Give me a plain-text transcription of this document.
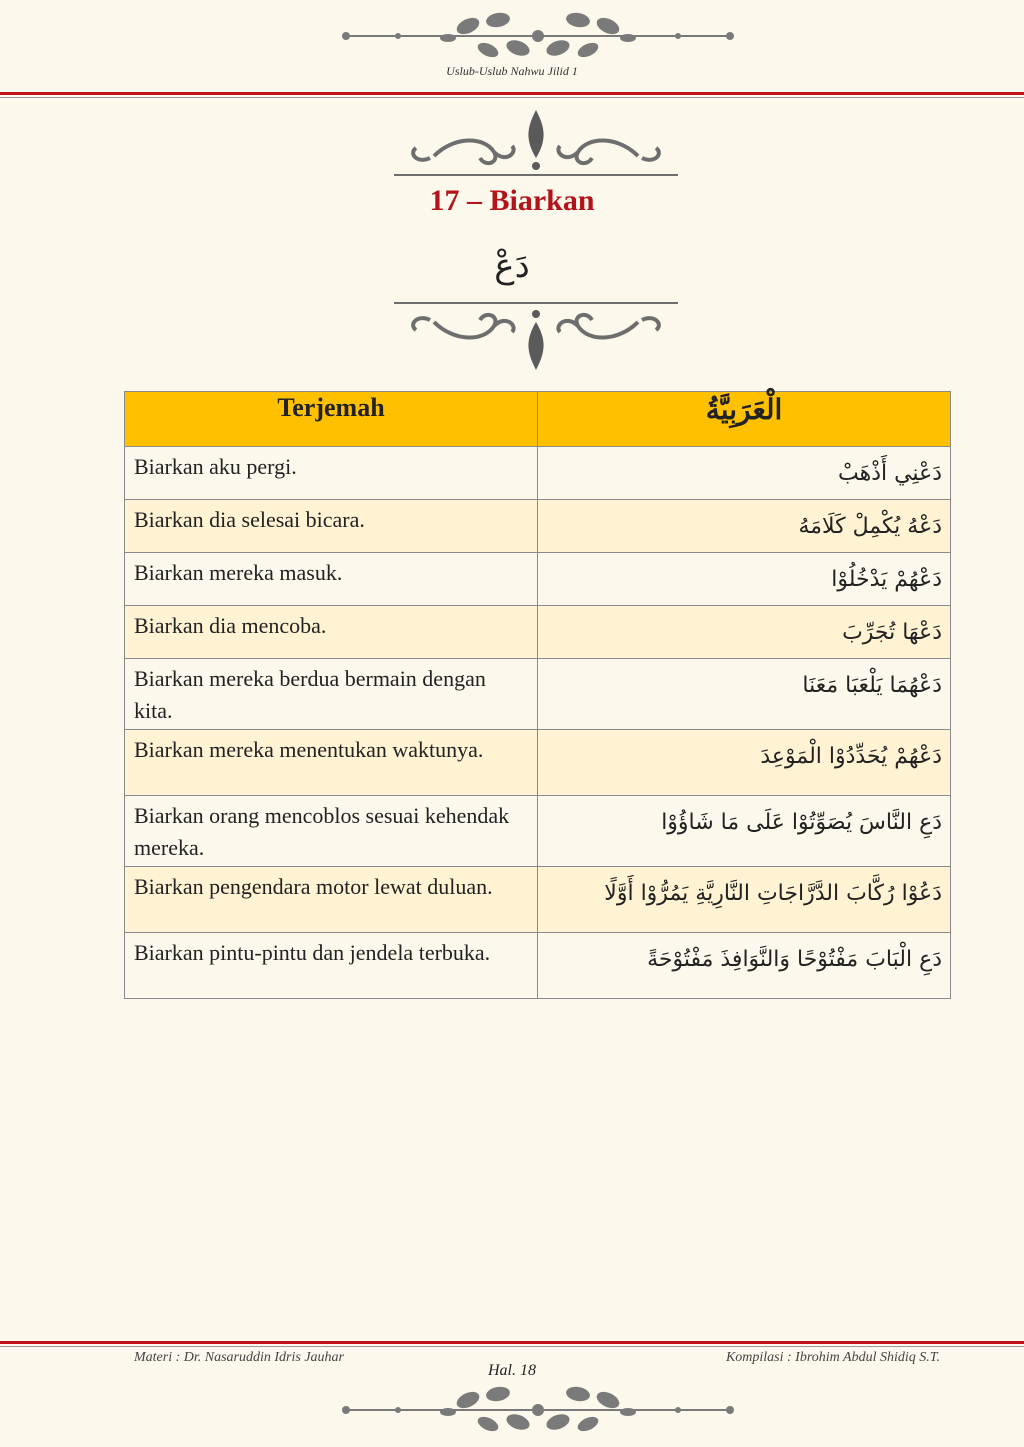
Uslub-Uslub Nahwu Jilid 1
17 – Biarkan
دَعْ
Terjemah	الْعَرَبِيَّةُ
Biarkan aku pergi.	دَعْنِي أَذْهَبْ
Biarkan dia selesai bicara.	دَعْهُ يُكْمِلْ كَلَامَهُ
Biarkan mereka masuk.	دَعْهُمْ يَدْخُلُوْا
Biarkan dia mencoba.	دَعْهَا تُجَرِّبَ
Biarkan mereka berdua bermain dengan kita.	دَعْهُمَا يَلْعَبَا مَعَنَا
Biarkan mereka menentukan waktunya.	دَعْهُمْ يُحَدِّدُوْا الْمَوْعِدَ
Biarkan orang mencoblos sesuai kehendak mereka.	دَعِ النَّاسَ يُصَوِّتُوْا عَلَى مَا شَاؤُوْا
Biarkan pengendara motor lewat duluan.	دَعُوْا رُكَّابَ الدَّرَّاجَاتِ النَّارِيَّةِ يَمُرُّوْا أَوَّلًا
Biarkan pintu-pintu dan jendela terbuka.	دَعِ الْبَابَ مَفْتُوْحًا وَالنَّوَافِذَ مَفْتُوْحَةً
Materi : Dr. Nasaruddin Idris Jauhar	Kompilasi : Ibrohim Abdul Shidiq S.T.
Hal. 18
